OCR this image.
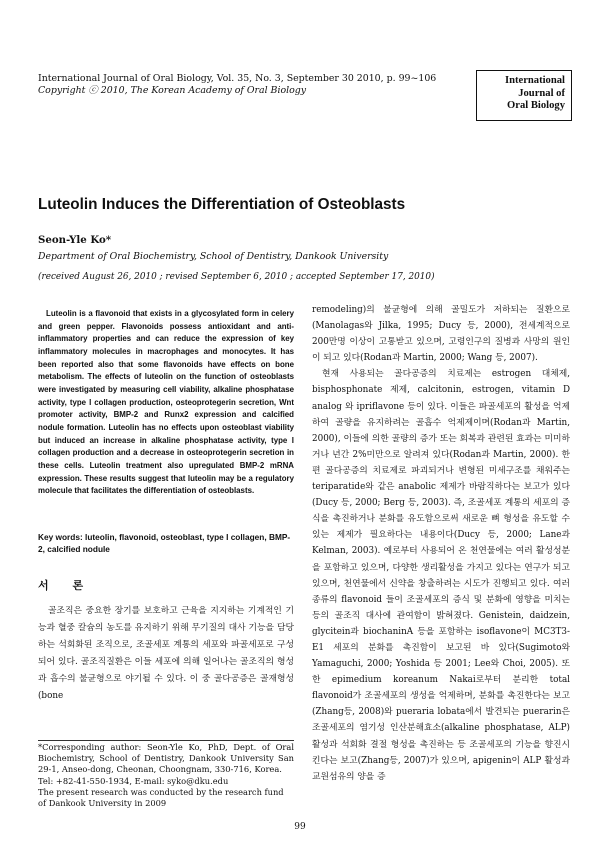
International Journal of Oral Biology, Vol. 35, No. 3, September 30 2010, p. 99~106
Copyright ⓒ 2010, The Korean Academy of Oral Biology
International
Journal of
Oral Biology
Luteolin Induces the Differentiation of Osteoblasts
Seon-Yle Ko*
Department of Oral Biochemistry, School of Dentistry, Dankook University
(received August 26, 2010 ; revised September 6, 2010 ; accepted September 17, 2010)

Luteolin is a flavonoid that exists in a glycosylated form in celery and green pepper. Flavonoids possess antioxidant and anti-inflammatory properties and can reduce the expression of key inflammatory molecules in macrophages and monocytes. It has been reported also that some flavonoids have effects on bone metabolism. The effects of luteolin on the function of osteoblasts were investigated by measuring cell viability, alkaline phosphatase activity, type I collagen production, osteoprotegerin secretion, Wnt promoter activity, BMP-2 and Runx2 expression and calcified nodule formation. Luteolin has no effects upon osteoblast viability but induced an increase in alkaline phosphatase activity, type I collagen production and a decrease in osteoprotegerin secretion in these cells. Luteolin treatment also upregulated BMP-2 mRNA expression. These results suggest that luteolin may be a regulatory molecule that facilitates the differentiation of osteoblasts.

Key words: luteolin, flavonoid, osteoblast, type I collagen, BMP-2, calcified nodule

서 론

골조직은 중요한 장기를 보호하고 근육을 지지하는 기계적인 기능과 혈중 칼슘의 농도를 유지하기 위해 무기질의 대사 기능을 담당하는 석회화된 조직으로, 조골세포 계통의 세포와 파골세포로 구성되어 있다. 골조직질환은 이들 세포에 의해 일어나는 골조직의 형성과 흡수의 불균형으로 야기될 수 있다. 이 중 골다공증은 골재형성(bone

*Corresponding author: Seon-Yle Ko, PhD, Dept. of Oral Biochemistry, School of Dentistry, Dankook University San 29-1, Anseo-dong, Cheonan, Choongnam, 330-716, Korea.
Tel: +82-41-550-1934, E-mail: syko@dku.edu
The present research was conducted by the research fund of Dankook University in 2009

remodeling)의 불균형에 의해 골밀도가 저하되는 질환으로(Manolagas와 Jilka, 1995; Ducy 등, 2000), 전세계적으로 200만명 이상이 고통받고 있으며, 고령인구의 질병과 사망의 원인이 되고 있다(Rodan과 Martin, 2000; Wang 등, 2007).

현재 사용되는 골다공증의 치료제는 estrogen 대체제, bisphosphonate 제제, calcitonin, estrogen, vitamin D analog 와 ipriflavone 등이 있다. 이들은 파골세포의 활성을 억제하여 골량을 유지하려는 골흡수 억제제이며(Rodan과 Martin, 2000), 이들에 의한 골량의 증가 또는 회복과 관련된 효과는 미미하거나 년간 2%미만으로 알려져 있다(Rodan과 Martin, 2000). 한편 골다공증의 치료제로 파괴되거나 변형된 미세구조를 채워주는 teriparatide와 같은 anabolic 제제가 바람직하다는 보고가 있다(Ducy 등, 2000; Berg 등, 2003). 즉, 조골세포 계통의 세포의 증식을 촉진하거나 분화를 유도함으로써 새로운 뼈 형성을 유도할 수 있는 제제가 필요하다는 내용이다(Ducy 등, 2000; Lane과 Kelman, 2003). 예로부터 사용되어 온 천연물에는 여러 활성성분을 포함하고 있으며, 다양한 생리활성을 가지고 있다는 연구가 되고 있으며, 천연물에서 신약을 창출하려는 시도가 진행되고 있다. 여러 종류의 flavonoid 들이 조골세포의 증식 및 분화에 영향을 미치는 등의 골조직 대사에 관여함이 밝혀졌다. Genistein, daidzein, glycitein과 biochaninA 등을 포함하는 isoflavone이 MC3T3-E1 세포의 분화를 촉진함이 보고된 바 있다(Sugimoto와 Yamaguchi, 2000; Yoshida 등 2001; Lee와 Choi, 2005). 또한 epimedium koreanum Nakai로부터 분리한 total flavonoid가 조골세포의 생성을 억제하며, 분화를 촉진한다는 보고(Zhang등, 2008)와 pueraria lobata에서 발견되는 puerarin은 조골세포의 염기성 인산분해효소(alkaline phosphatase, ALP) 활성과 석회화 결절 형성을 촉진하는 등 조골세포의 기능을 향진시킨다는 보고(Zhang등, 2007)가 있으며, apigenin이 ALP 활성과 교원섬유의 양을 증

99
